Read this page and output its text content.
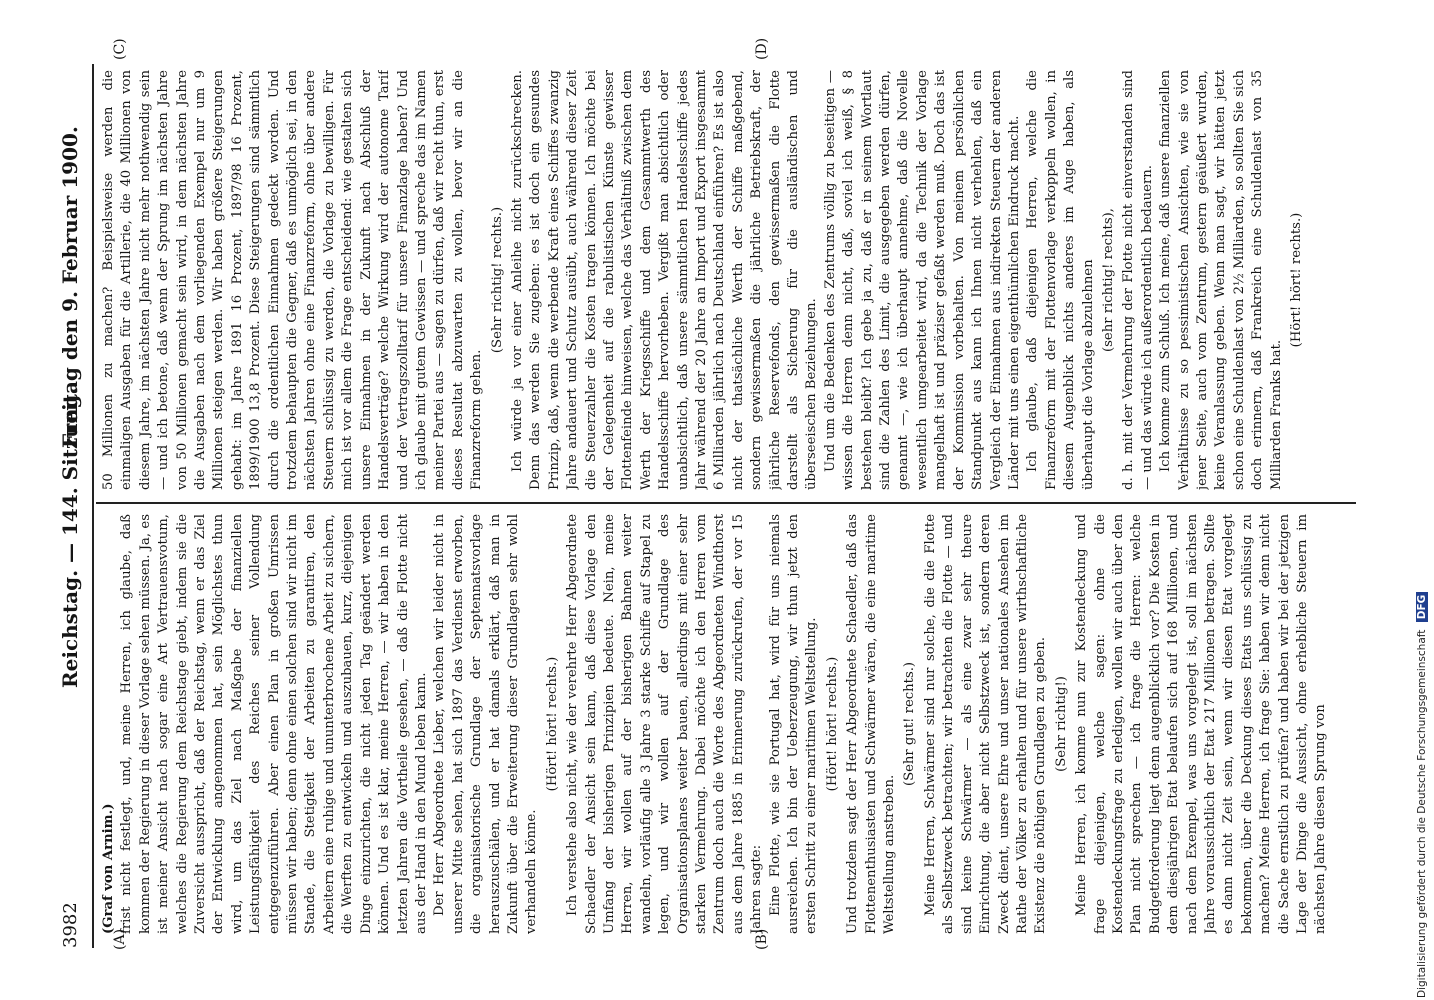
3982
Reichstag. — 144. Sitzung.
Freitag den 9. Februar 1900.
(A)	(B)
(C)	(D)

(Graf von Arnim.) frist nicht festlegt, und, meine Herren, ich glaube, daß kommen der Regierung in dieser Vorlage sehen müssen. Ja, es ist meiner Ansicht nach sogar eine Art Vertrauensvotum, welches die Regierung dem Reichstage giebt, indem sie die Zuversicht ausspricht, daß der Reichstag, wenn er das Ziel der Entwicklung angenommen hat, sein Möglichstes thun wird, um das Ziel nach Maßgabe der finanziellen Leistungsfähigkeit des Reiches seiner Vollendung entgegenzuführen. Aber einen Plan in großen Umrissen müssen wir haben; denn ohne einen solchen sind wir nicht im Stande, die Stetigkeit der Arbeiten zu garantiren, den Arbeitern eine ruhige und ununterbrochene Arbeit zu sichern, die Werften zu entwickeln und auszubauen, kurz, diejenigen Dinge einzurichten, die nicht jeden Tag geändert werden können. Und es ist klar, meine Herren, — wir haben in den letzten Jahren die Vortheile gesehen, — daß die Flotte nicht aus der Hand in den Mund leben kann. Der Herr Abgeordnete Lieber, welchen wir leider nicht in unserer Mitte sehen, hat sich 1897 das Verdienst erworben, die organisatorische Grundlage der Septennatsvorlage herauszuschälen, und er hat damals erklärt, daß man in Zukunft über die Erweiterung dieser Grundlagen sehr wohl verhandeln könne.

(Hört! hört! rechts.) Ich verstehe also nicht, wie der verehrte Herr Abgeordnete Schaedler der Ansicht sein kann, daß diese Vorlage den Umfang der bisherigen Prinzipien bedeute. Nein, meine Herren, wir wollen auf der bisherigen Bahnen weiter wandeln, vorläufig alle 3 Jahre 3 starke Schiffe auf Stapel zu legen, und wir wollen auf der Grundlage des Organisationsplanes weiter bauen, allerdings mit einer sehr starken Vermehrung. Dabei möchte ich den Herren vom Zentrum doch auch die Worte des Abgeordneten Windthorst aus dem Jahre 1885 in Erinnerung zurückrufen, der vor 15 Jahren sagte: Eine Flotte, wie sie Portugal hat, wird für uns niemals ausreichen. Ich bin der Ueberzeugung, wir thun jetzt den ersten Schritt zu einer maritimen Weltstellung. (Hört! hört! rechts.) Und trotzdem sagt der Herr Abgeordnete Schaedler, daß das Flottenenthusiasten und Schwärmer wären, die eine maritime Weltstellung anstreben.

(Sehr gut! rechts.) Meine Herren, Schwärmer sind nur solche, die die Flotte als Selbstzweck betrachten; wir betrachten die Flotte — und sind keine Schwärmer — als eine zwar sehr theure Einrichtung, die aber nicht Selbstzweck ist, sondern deren Zweck dient, unsere Ehre und unser nationales Ansehen im Rathe der Völker zu erhalten und für unsere wirthschaftliche Existenz die nöthigen Grundlagen zu geben. (Sehr richtig!) Meine Herren, ich komme nun zur Kostendeckung und frage diejenigen, welche sagen: ohne die Kostendeckungsfrage zu erledigen, wollen wir auch über den Plan nicht sprechen — ich frage die Herren: welche Budgetforderung liegt denn augenblicklich vor? Die Kosten in dem diesjährigen Etat belaufen sich auf 168 Millionen, und nach dem Exempel, was uns vorgelegt ist, soll im nächsten Jahre voraussichtlich der Etat 217 Millionen betragen. Sollte es dann nicht Zeit sein, wenn wir diesen Etat vorgelegt bekommen, über die Deckung dieses Etats uns schlüssig zu machen? Meine Herren, ich frage Sie: haben wir denn nicht die Sache ernstlich zu prüfen? und haben wir bei der jetzigen Lage der Dinge die Aussicht, ohne erhebliche Steuern im nächsten Jahre diesen Sprung von

50 Millionen zu machen? Beispielsweise werden die einmaligen Ausgaben für die Artillerie, die 40 Millionen von diesem Jahre, im nächsten Jahre nicht mehr nothwendig sein — und ich betone, daß wenn der Sprung im nächsten Jahre von 50 Millionen gemacht sein wird, in dem nächsten Jahre die Ausgaben nach dem vorliegenden Exempel nur um 9 Millionen steigen werden. Wir haben größere Steigerungen gehabt: im Jahre 1891 16 Prozent, 1897/98 16 Prozent, 1899/1900 13,8 Prozent. Diese Steigerungen sind sämmtlich durch die ordentlichen Einnahmen gedeckt worden. Und trotzdem behaupten die Gegner, daß es unmöglich sei, in den nächsten Jahren ohne eine Finanzreform, ohne über andere Steuern schlüssig zu werden, die Vorlage zu bewilligen. Für mich ist vor allem die Frage entscheidend: wie gestalten sich unsere Einnahmen in der Zukunft nach Abschluß der Handelsverträge? welche Wirkung wird der autonome Tarif und der Vertragszolltarif für unsere Finanzlage haben? Und ich glaube mit gutem Gewissen — und spreche das im Namen meiner Partei aus — sagen zu dürfen, daß wir recht thun, erst dieses Resultat abzuwarten zu wollen, bevor wir an die Finanzreform gehen.

(Sehr richtig! rechts.) Ich würde ja vor einer Anleihe nicht zurückschrecken. Denn das werden Sie zugeben: es ist doch ein gesundes Prinzip, daß, wenn die werbende Kraft eines Schiffes zwanzig Jahre andauert und Schutz ausübt, auch während dieser Zeit die Steuerzahler die Kosten tragen können. Ich möchte bei der Gelegenheit auf die rabulistischen Künste gewisser Flottenfeinde hinweisen, welche das Verhältniß zwischen dem Werth der Kriegsschiffe und dem Gesammtwerth des Handelsschiffe hervorheben. Vergißt man absichtlich oder unabsichtlich, daß unsere sämmtlichen Handelsschiffe jedes Jahr während der 20 Jahre an Import und Export insgesammt 6 Milliarden jährlich nach Deutschland einführen? Es ist also nicht der thatsächliche Werth der Schiffe maßgebend, sondern gewissermaßen die jährliche Betriebskraft, der jährliche Reservefonds, den gewissermaßen die Flotte darstellt als Sicherung für die ausländischen und überseeischen Beziehungen. Und um die Bedenken des Zentrums völlig zu beseitigen — wissen die Herren denn nicht, daß, soviel ich weiß, § 8 bestehen bleibt? Ich gebe ja zu, daß er in seinem Wortlaut sind die Zahlen des Limit, die ausgegeben werden dürfen, genannt —, wie ich überhaupt annehme, daß die Novelle wesentlich umgearbeitet wird, da die Technik der Vorlage mangelhaft ist und präziser gefaßt werden muß. Doch das ist der Kommission vorbehalten. Von meinem persönlichen Standpunkt aus kann ich Ihnen nicht verhehlen, daß ein Vergleich der Einnahmen aus indirekten Steuern der anderen Länder mit uns einen eigenthümlichen Eindruck macht. Ich glaube, daß diejenigen Herren, welche die Finanzreform mit der Flottenvorlage verkoppeln wollen, in diesem Augenblick nichts anderes im Auge haben, als überhaupt die Vorlage abzulehnen (sehr richtig! rechts), d. h. mit der Vermehrung der Flotte nicht einverstanden sind — und das würde ich außerordentlich bedauern. Ich komme zum Schluß. Ich meine, daß unsere finanziellen Verhältnisse zu so pessimistischen Ansichten, wie sie von jener Seite, auch vom Zentrum, gestern geäußert wurden, keine Veranlassung geben. Wenn man sagt, wir hätten jetzt schon eine Schuldenlast von 2½ Milliarden, so sollten Sie sich doch erinnern, daß Frankreich eine Schuldenlast von 35 Milliarden Franks hat.

(Hört! hört! rechts.)

Digitalisierung gefördert durch die Deutsche Forschungsgemeinschaft DFG
